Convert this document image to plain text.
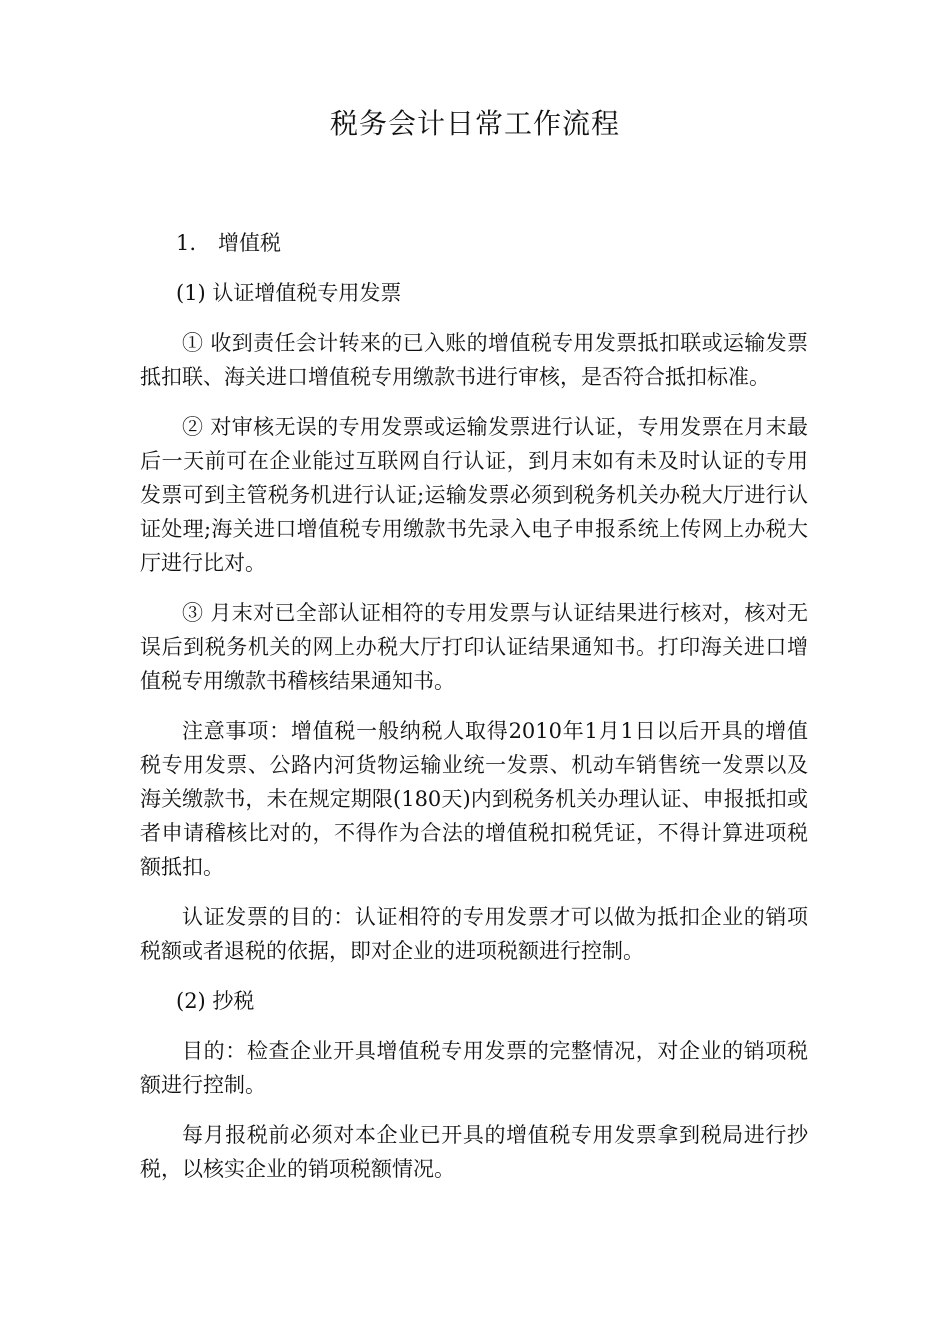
税务会计日常工作流程

1. 增值税

(1) 认证增值税专用发票

① 收到责任会计转来的已入账的增值税专用发票抵扣联或运输发票抵扣联、海关进口增值税专用缴款书进行审核，是否符合抵扣标准。

② 对审核无误的专用发票或运输发票进行认证，专用发票在月末最后一天前可在企业能过互联网自行认证，到月末如有未及时认证的专用发票可到主管税务机进行认证;运输发票必须到税务机关办税大厅进行认证处理;海关进口增值税专用缴款书先录入电子申报系统上传网上办税大厅进行比对。

③ 月末对已全部认证相符的专用发票与认证结果进行核对，核对无误后到税务机关的网上办税大厅打印认证结果通知书。打印海关进口增值税专用缴款书稽核结果通知书。

注意事项：增值税一般纳税人取得2010年1月1日以后开具的增值税专用发票、公路内河货物运输业统一发票、机动车销售统一发票以及海关缴款书，未在规定期限(180天)内到税务机关办理认证、申报抵扣或者申请稽核比对的，不得作为合法的增值税扣税凭证，不得计算进项税额抵扣。

认证发票的目的：认证相符的专用发票才可以做为抵扣企业的销项税额或者退税的依据，即对企业的进项税额进行控制。

(2) 抄税

目的：检查企业开具增值税专用发票的完整情况，对企业的销项税额进行控制。

每月报税前必须对本企业已开具的增值税专用发票拿到税局进行抄税，以核实企业的销项税额情况。
